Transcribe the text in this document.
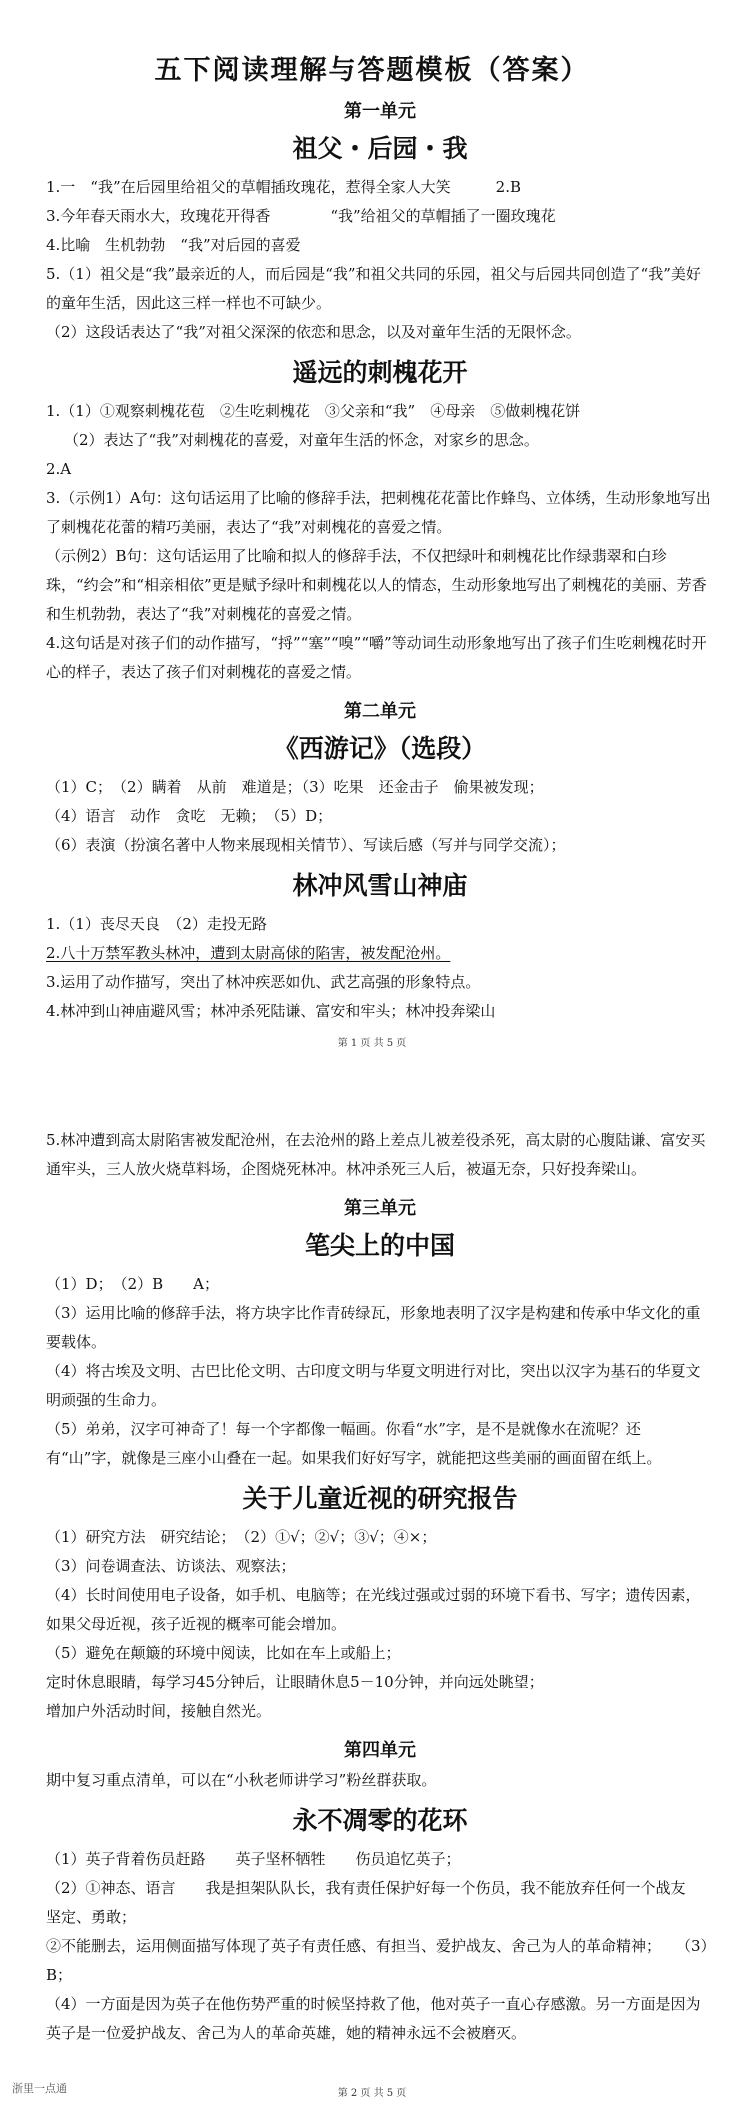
五下阅读理解与答题模板（答案）
第一单元
祖父・后园・我

1.一　“我”在后园里给祖父的草帽插玫瑰花，惹得全家人大笑　　　2.B

3.今年春天雨水大，玫瑰花开得香　　　　“我”给祖父的草帽插了一圈玫瑰花

4.比喻　生机勃勃　“我”对后园的喜爱

5.（1）祖父是“我”最亲近的人，而后园是“我”和祖父共同的乐园，祖父与后园共同创造了“我”美好的童年生活，因此这三样一样也不可缺少。

（2）这段话表达了“我”对祖父深深的依恋和思念，以及对童年生活的无限怀念。

遥远的刺槐花开

1.（1）①观察刺槐花苞　②生吃刺槐花　③父亲和“我”　④母亲　⑤做刺槐花饼

（2）表达了“我”对刺槐花的喜爱，对童年生活的怀念，对家乡的思念。

2.A

3.（示例1）A句：这句话运用了比喻的修辞手法，把刺槐花花蕾比作蜂鸟、立体绣，生动形象地写出了刺槐花花蕾的精巧美丽，表达了“我”对刺槐花的喜爱之情。

（示例2）B句：这句话运用了比喻和拟人的修辞手法，不仅把绿叶和刺槐花比作绿翡翠和白珍珠，“约会”和“相亲相依”更是赋予绿叶和刺槐花以人的情态，生动形象地写出了刺槐花的美丽、芳香和生机勃勃，表达了“我”对刺槐花的喜爱之情。

4.这句话是对孩子们的动作描写，“捋”“塞”“嗅”“嚼”等动词生动形象地写出了孩子们生吃刺槐花时开心的样子，表达了孩子们对刺槐花的喜爱之情。

第二单元
《西游记》（选段）

（1）C；　（2）瞒着　从前　难道是；（3）吃果　还金击子　偷果被发现；

（4）语言　动作　贪吃　无赖；　（5）D；

（6）表演（扮演名著中人物来展现相关情节）、写读后感（写并与同学交流）；

林冲风雪山神庙

1.（1）丧尽天良　（2）走投无路

2.八十万禁军教头林冲，遭到太尉高俅的陷害，被发配沧州。

3.运用了动作描写，突出了林冲疾恶如仇、武艺高强的形象特点。

4.林冲到山神庙避风雪；林冲杀死陆谦、富安和牢头；林冲投奔梁山

第 1 页 共 5 页

5.林冲遭到高太尉陷害被发配沧州，在去沧州的路上差点儿被差役杀死，高太尉的心腹陆谦、富安买通牢头，三人放火烧草料场，企图烧死林冲。林冲杀死三人后，被逼无奈，只好投奔梁山。

第三单元
笔尖上的中国

（1）D；　（2）B　　A；

（3）运用比喻的修辞手法，将方块字比作青砖绿瓦，形象地表明了汉字是构建和传承中华文化的重要载体。

（4）将古埃及文明、古巴比伦文明、古印度文明与华夏文明进行对比，突出以汉字为基石的华夏文明顽强的生命力。

（5）弟弟，汉字可神奇了！每一个字都像一幅画。你看“水”字，是不是就像水在流呢？还有“山”字，就像是三座小山叠在一起。如果我们好好写字，就能把这些美丽的画面留在纸上。

关于儿童近视的研究报告

（1）研究方法　研究结论；　（2）①√；②√；③√；④×；

（3）问卷调查法、访谈法、观察法；

（4）长时间使用电子设备，如手机、电脑等；在光线过强或过弱的环境下看书、写字；遗传因素，如果父母近视，孩子近视的概率可能会增加。

（5）避免在颠簸的环境中阅读，比如在车上或船上；

定时休息眼睛，每学习45分钟后，让眼睛休息5－10分钟，并向远处眺望；

增加户外活动时间，接触自然光。

第四单元

期中复习重点清单，可以在“小秋老师讲学习”粉丝群获取。

永不凋零的花环

（1）英子背着伤员赶路　　英子坚杯牺牲　　伤员追忆英子；

（2）①神态、语言　　我是担架队队长，我有责任保护好每一个伤员，我不能放弃任何一个战友　　坚定、勇敢；

②不能删去，运用侧面描写体现了英子有责任感、有担当、爱护战友、舍己为人的革命精神；　　（3）B；

（4）一方面是因为英子在他伤势严重的时候坚持救了他，他对英子一直心存感激。另一方面是因为英子是一位爱护战友、舍己为人的革命英雄，她的精神永远不会被磨灭。

浙里一点通	第 2 页 共 5 页
